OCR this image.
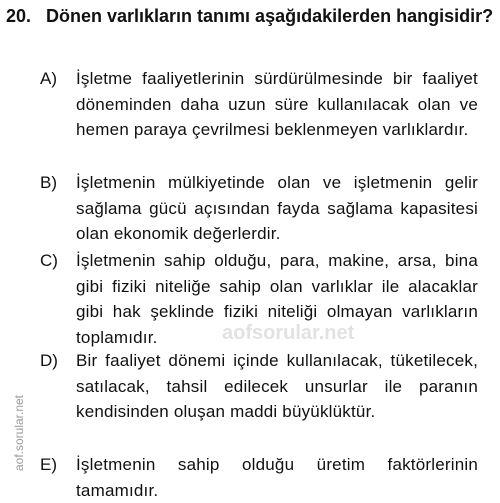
20. Dönen varlıkların tanımı aşağıdakilerden hangisidir?
A) İşletme faaliyetlerinin sürdürülmesinde bir faaliyet döneminden daha uzun süre kullanılacak olan ve hemen paraya çevrilmesi beklenmeyen varlıklardır.
B) İşletmenin mülkiyetinde olan ve işletmenin gelir sağlama gücü açısından fayda sağlama kapasitesi olan ekonomik değerlerdir.
C) İşletmenin sahip olduğu, para, makine, arsa, bina gibi fiziki niteliğe sahip olan varlıklar ile alacaklar gibi hak şeklinde fiziki niteliği olmayan varlıkların toplamıdır.
D) Bir faaliyet dönemi içinde kullanılacak, tüketilecek, satılacak, tahsil edilecek unsurlar ile paranın kendisinden oluşan maddi büyüklüktür.
E) İşletmenin sahip olduğu üretim faktörlerinin tamamıdır.
aofsorular.net
aof.sorular.net
